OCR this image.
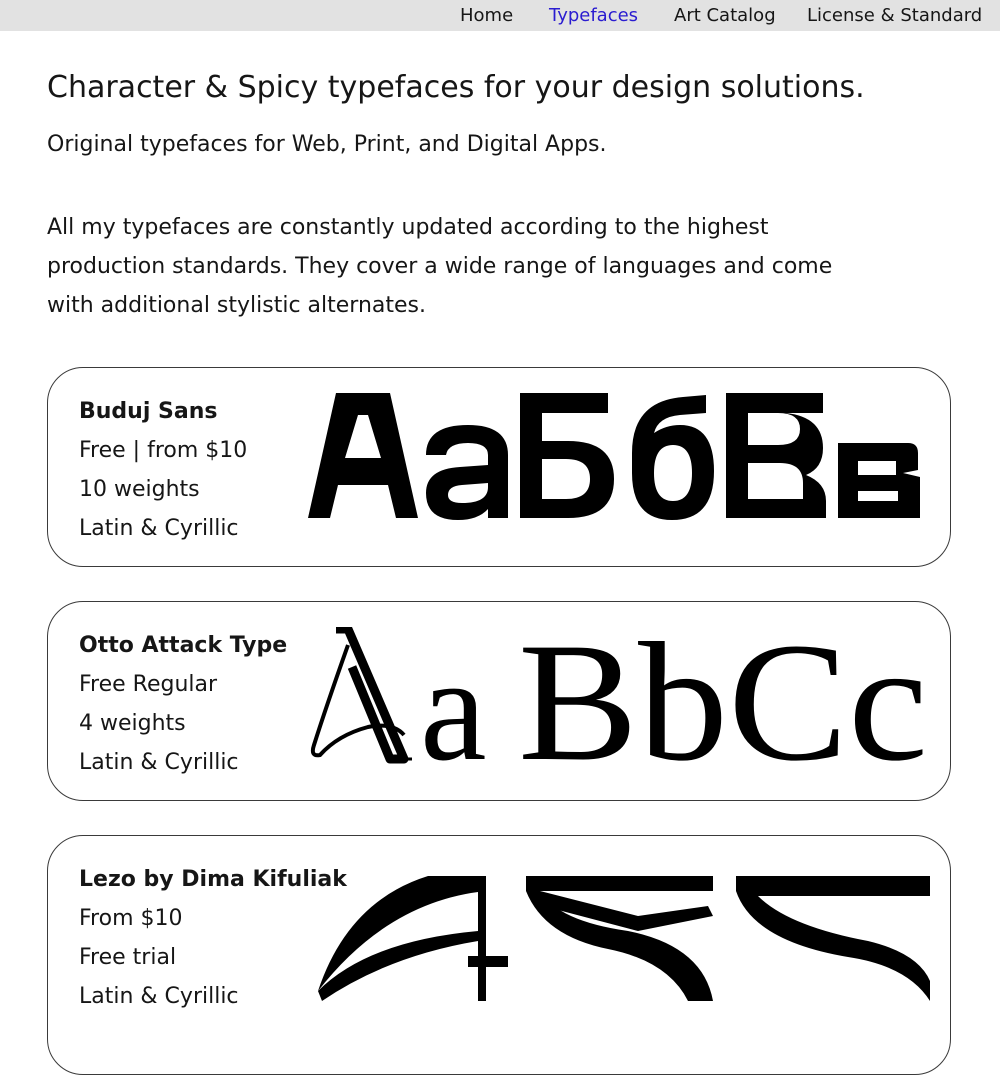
Home Typefaces Art Catalog License & Standard
Character & Spicy typefaces for your design solutions.

Original typefaces for Web, Print, and Digital Apps.

All my typefaces are constantly updated according to the highest production standards. They cover a wide range of languages and come with additional stylistic alternates.

Buduj Sans
Free | from $10
10 weights
Latin & Cyrillic
Otto Attack Type
Free Regular
4 weights
Latin & Cyrillic	a BbCc
Lezo by Dima Kifuliak
From $10
Free trial
Latin & Cyrillic
